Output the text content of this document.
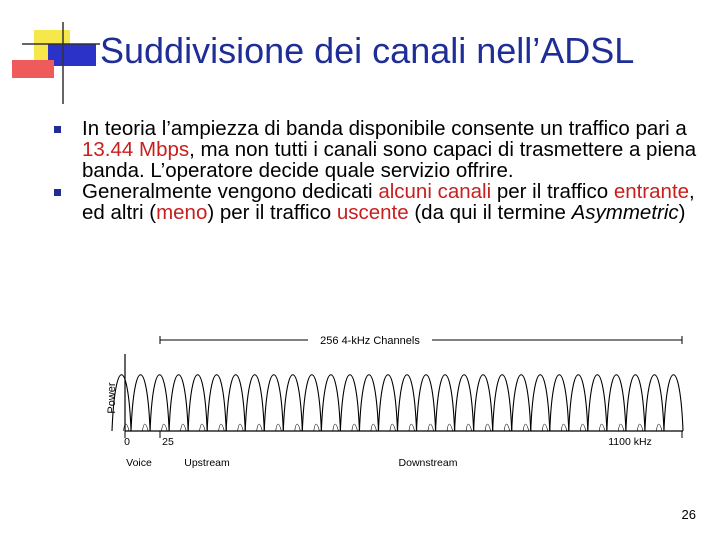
Suddivisione dei canali nell’ADSL
In teoria l’ampiezza di banda disponibile consente un traffico pari a 13.44 Mbps, ma non tutti i canali sono capaci di trasmettere a piena banda. L’operatore decide quale servizio offrire.
Generalmente vengono dedicati alcuni canali per il traffico entrante, ed altri (meno) per il traffico uscente (da qui il termine Asymmetric)
256 4-kHz Channels
Power
0	25	1100 kHz
Voice	Upstream	Downstream
26
